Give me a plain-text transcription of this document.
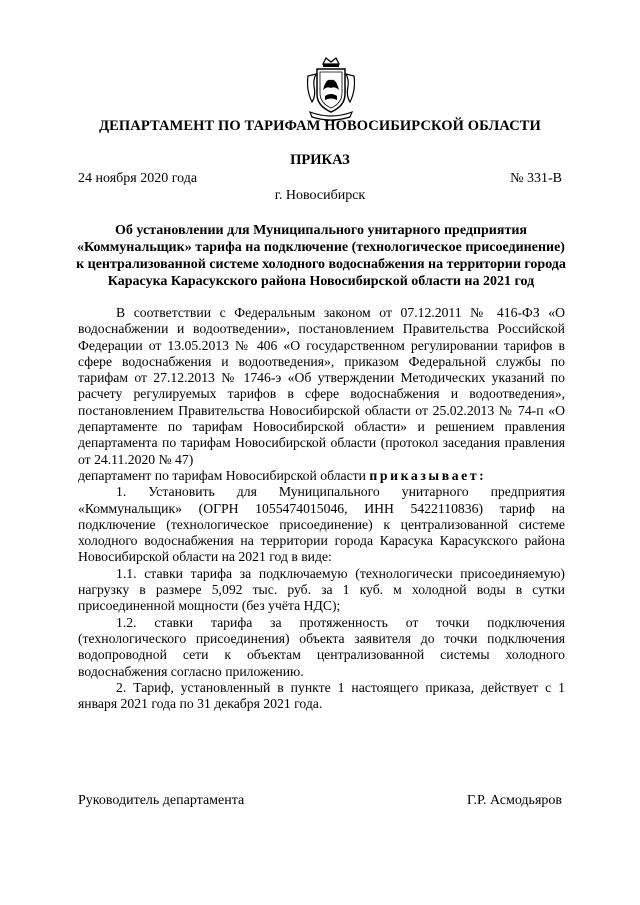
ДЕПАРТАМЕНТ ПО ТАРИФАМ НОВОСИБИРСКОЙ ОБЛАСТИ
ПРИКАЗ
24 ноября 2020 года	№ 331-В
г. Новосибирск
Об установлении для Муниципального унитарного предприятия «Коммунальщик» тарифа на подключение (технологическое присоединение) к централизованной системе холодного водоснабжения на территории города Карасука Карасукского района Новосибирской области на 2021 год

В соответствии с Федеральным законом от 07.12.2011 № 416-ФЗ «О водоснабжении и водоотведении», постановлением Правительства Российской Федерации от 13.05.2013 № 406 «О государственном регулировании тарифов в сфере водоснабжения и водоотведения», приказом Федеральной службы по тарифам от 27.12.2013 № 1746-э «Об утверждении Методических указаний по расчету регулируемых тарифов в сфере водоснабжения и водоотведения», постановлением Правительства Новосибирской области от 25.02.2013 № 74-п «О департаменте по тарифам Новосибирской области» и решением правления департамента по тарифам Новосибирской области (протокол заседания правления от 24.11.2020 № 47)

департамент по тарифам Новосибирской области приказывает:

1. Установить для Муниципального унитарного предприятия «Коммунальщик» (ОГРН 1055474015046, ИНН 5422110836) тариф на подключение (технологическое присоединение) к централизованной системе холодного водоснабжения на территории города Карасука Карасукского района Новосибирской области на 2021 год в виде:

1.1. ставки тарифа за подключаемую (технологически присоединяемую) нагрузку в размере 5,092 тыс. руб. за 1 куб. м холодной воды в сутки присоединенной мощности (без учёта НДС);

1.2. ставки тарифа за протяженность от точки подключения (технологического присоединения) объекта заявителя до точки подключения водопроводной сети к объектам централизованной системы холодного водоснабжения согласно приложению.

2. Тариф, установленный в пункте 1 настоящего приказа, действует с 1 января 2021 года по 31 декабря 2021 года.

Руководитель департамента	Г.Р. Асмодьяров
